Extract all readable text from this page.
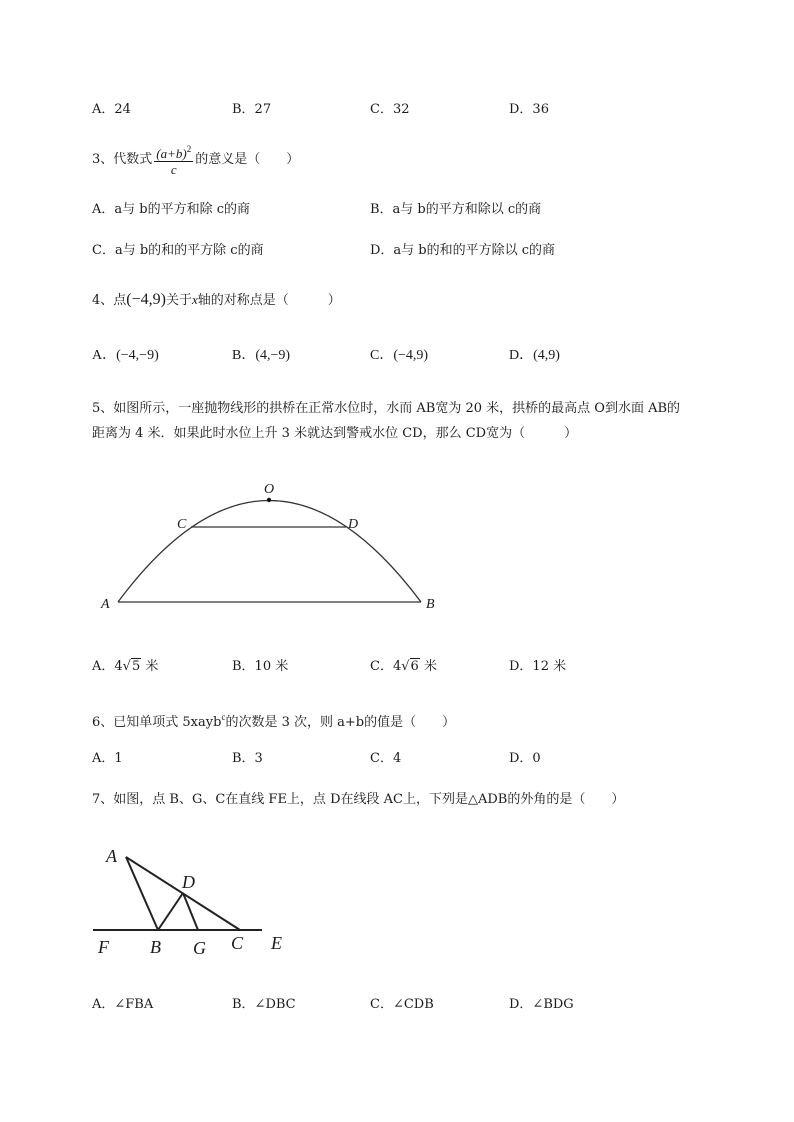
A．24	B．27	C．32	D．36
3、代数式 $\frac{(a+b)^2}{c}$ 的意义是（　　）
A．a与 b的平方和除 c的商	B．a与 b的平方和除以 c的商
C．a与 b的和的平方除 c的商	D．a与 b的和的平方除以 c的商
4、点(−4,9)关于x轴的对称点是（　　　）
A．(−4,−9)	B．(4,−9)	C．(−4,9)	D．(4,9)
5、如图所示，一座抛物线形的拱桥在正常水位时，水而 AB宽为 20 米，拱桥的最高点 O到水面 AB的
距离为 4 米．如果此时水位上升 3 米就达到警戒水位 CD，那么 CD宽为（　　　）
O
C	D
A	B
A．4√5 米	B．10 米	C．4√6 米	D．12 米
6、已知单项式 5xayb$^c$的次数是 3 次，则 a+b的值是（　　）
A．1	B．3	C．4	D．0
7、如图，点 B、G、C在直线 FE上，点 D在线段 AC上，下列是△ADB的外角的是（　　）
A
D
F B G C E
A．∠FBA	B．∠DBC	C．∠CDB	D．∠BDG
